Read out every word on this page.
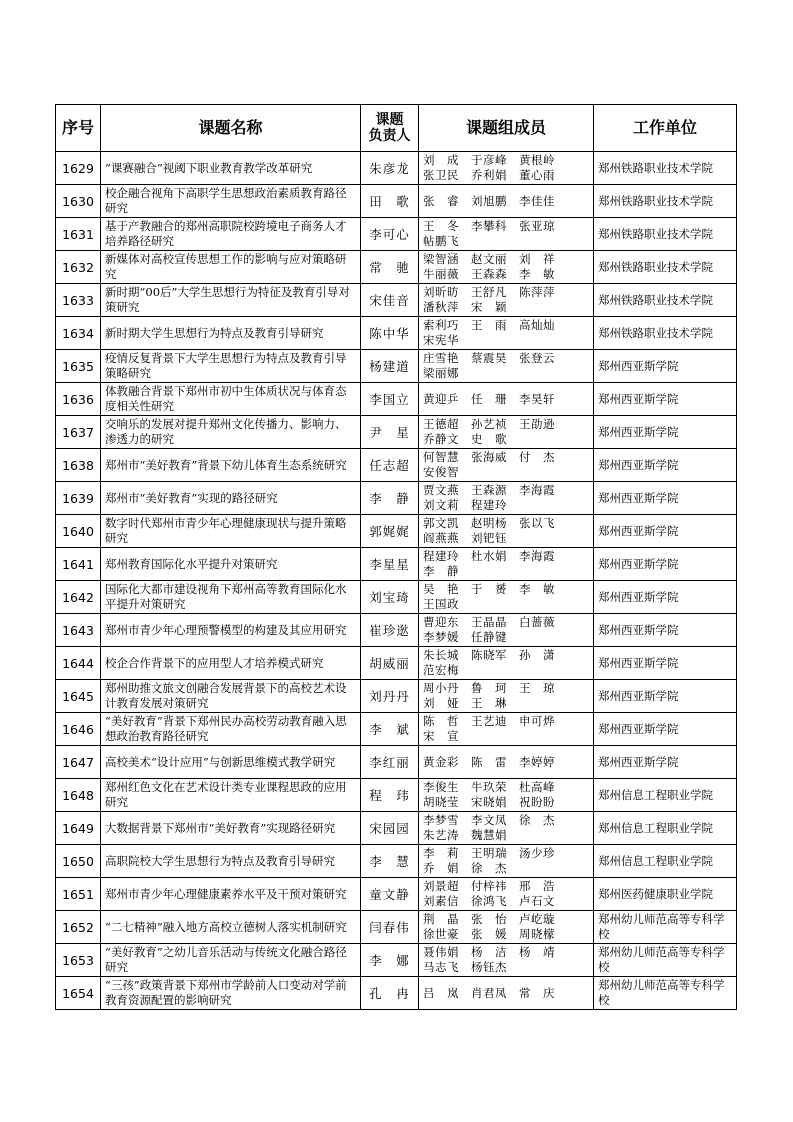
序号	课题名称	课题
负责人	课题组成员	工作单位
1629	“课赛融合”视阈下职业教育教学改革研究	朱彦龙	刘　成　于彦峰　黄根岭
张卫民　乔利娟　董心雨	郑州铁路职业技术学院
1630	校企融合视角下高职学生思想政治素质教育路径研究	田　歌	张　睿　刘旭鹏　李佳佳	郑州铁路职业技术学院
1631	基于产教融合的郑州高职院校跨境电子商务人才培养路径研究	李可心	王　冬　李攀科　张亚琼
帖鹏飞	郑州铁路职业技术学院
1632	新媒体对高校宣传思想工作的影响与应对策略研究	常　驰	梁智涵　赵文丽　刘　祥
牛丽薇　王森森　李　敏	郑州铁路职业技术学院
1633	新时期“00后”大学生思想行为特征及教育引导对策研究	宋佳音	刘昕昉　王舒凡　陈萍萍
潘秋萍　宋　颖	郑州铁路职业技术学院
1634	新时期大学生思想行为特点及教育引导研究	陈中华	索利巧　王　雨　高灿灿
宋宪华	郑州铁路职业技术学院
1635	疫情反复背景下大学生思想行为特点及教育引导策略研究	杨建道	庄雪艳　蔡震昊　张登云
梁丽娜	郑州西亚斯学院
1636	体教融合背景下郑州市初中生体质状况与体育态度相关性研究	李国立	黄迎乒　任　珊　李昊轩	郑州西亚斯学院
1637	交响乐的发展对提升郑州文化传播力、影响力、渗透力的研究	尹　星	王德超　孙艺祯　王劭逊
乔静文　史　歌	郑州西亚斯学院
1638	郑州市“美好教育”背景下幼儿体育生态系统研究	任志超	何智慧　张海威　付　杰
安俊智	郑州西亚斯学院
1639	郑州市“美好教育”实现的路径研究	李　静	贾文燕　王森源　李海霞
刘文莉　程建玲	郑州西亚斯学院
1640	数字时代郑州市青少年心理健康现状与提升策略研究	郭娓娓	郭文凯　赵明杨　张以飞
阎燕燕　刘钯钰	郑州西亚斯学院
1641	郑州教育国际化水平提升对策研究	李星星	程建玲　杜水娟　李海霞
李　静	郑州西亚斯学院
1642	国际化大都市建设视角下郑州高等教育国际化水平提升对策研究	刘宝琦	吴　艳　于　赟　李　敏
王国政	郑州西亚斯学院
1643	郑州市青少年心理预警模型的构建及其应用研究	崔珍逖	曹迎东　王晶晶　白蔷薇
李梦媛　任静键	郑州西亚斯学院
1644	校企合作背景下的应用型人才培养模式研究	胡威丽	朱长城　陈晓军　孙　潇
范宏梅	郑州西亚斯学院
1645	郑州助推文旅文创融合发展背景下的高校艺术设计教育发展对策研究	刘丹丹	周小丹　鲁　珂　王　琼
刘　娅　王　琳	郑州西亚斯学院
1646	“美好教育”背景下郑州民办高校劳动教育融入思想政治教育路径研究	李　斌	陈　哲　王艺迪　申可烨
宋　宣	郑州西亚斯学院
1647	高校美术“设计应用”与创新思维模式教学研究	李红丽	黄金彩　陈　雷　李婷婷	郑州西亚斯学院
1648	郑州红色文化在艺术设计类专业课程思政的应用研究	程　玮	李俊生　牛玖荣　杜高峰
胡晓莹　宋晓娟　祝盼盼	郑州信息工程职业学院
1649	大数据背景下郑州市“美好教育”实现路径研究	宋园园	李梦雪　李文凤　徐　杰
朱艺涛　魏慧娟	郑州信息工程职业学院
1650	高职院校大学生思想行为特点及教育引导研究	李　慧	李　莉　王明瑞　汤少珍
乔　娟　徐　杰	郑州信息工程职业学院
1651	郑州市青少年心理健康素养水平及干预对策研究	童文静	刘景超　付梓祎　邢　浩
刘素信　徐鸿飞　卢石文	郑州医药健康职业学院
1652	“二七精神”融入地方高校立德树人落实机制研究	闫春伟	荆　晶　张　怡　卢屹璇
徐世豪　张　媛　周晓檬	郑州幼儿师范高等专科学校
1653	“美好教育”之幼儿音乐活动与传统文化融合路径研究	李　娜	聂伟娟　杨　洁　杨　靖
马志飞　杨钰杰	郑州幼儿师范高等专科学校
1654	“三孩”政策背景下郑州市学龄前人口变动对学前教育资源配置的影响研究	孔　冉	吕　岚　肖君凤　常　庆	郑州幼儿师范高等专科学校
